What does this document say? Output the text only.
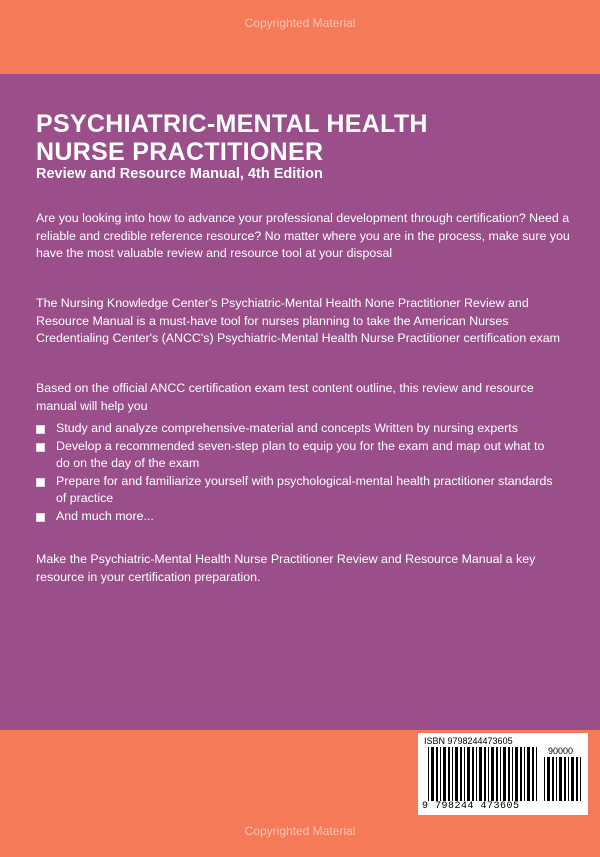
Copyrighted Material
PSYCHIATRIC-MENTAL HEALTH
NURSE PRACTITIONER

Review and Resource Manual, 4th Edition

Are you looking into how to advance your professional development through certification? Need a reliable and credible reference resource? No matter where you are in the process, make sure you have the most valuable review and resource tool at your disposal

The Nursing Knowledge Center's Psychiatric-Mental Health None Practitioner Review and Resource Manual is a must-have tool for nurses planning to take the American Nurses Credentialing Center's (ANCC's) Psychiatric-Mental Health Nurse Practitioner certification exam

Based on the official ANCC certification exam test content outline, this review and resource manual will help you

Study and analyze comprehensive-material and concepts Written by nursing experts
Develop a recommended seven-step plan to equip you for the exam and map out what to do on the day of the exam
Prepare for and familiarize yourself with psychological-mental health practitioner standards of practice
And much more...

Make the Psychiatric-Mental Health Nurse Practitioner Review and Resource Manual a key resource in your certification preparation.

ISBN 9798244473605
90000
9 798244 473605
Copyrighted Material
